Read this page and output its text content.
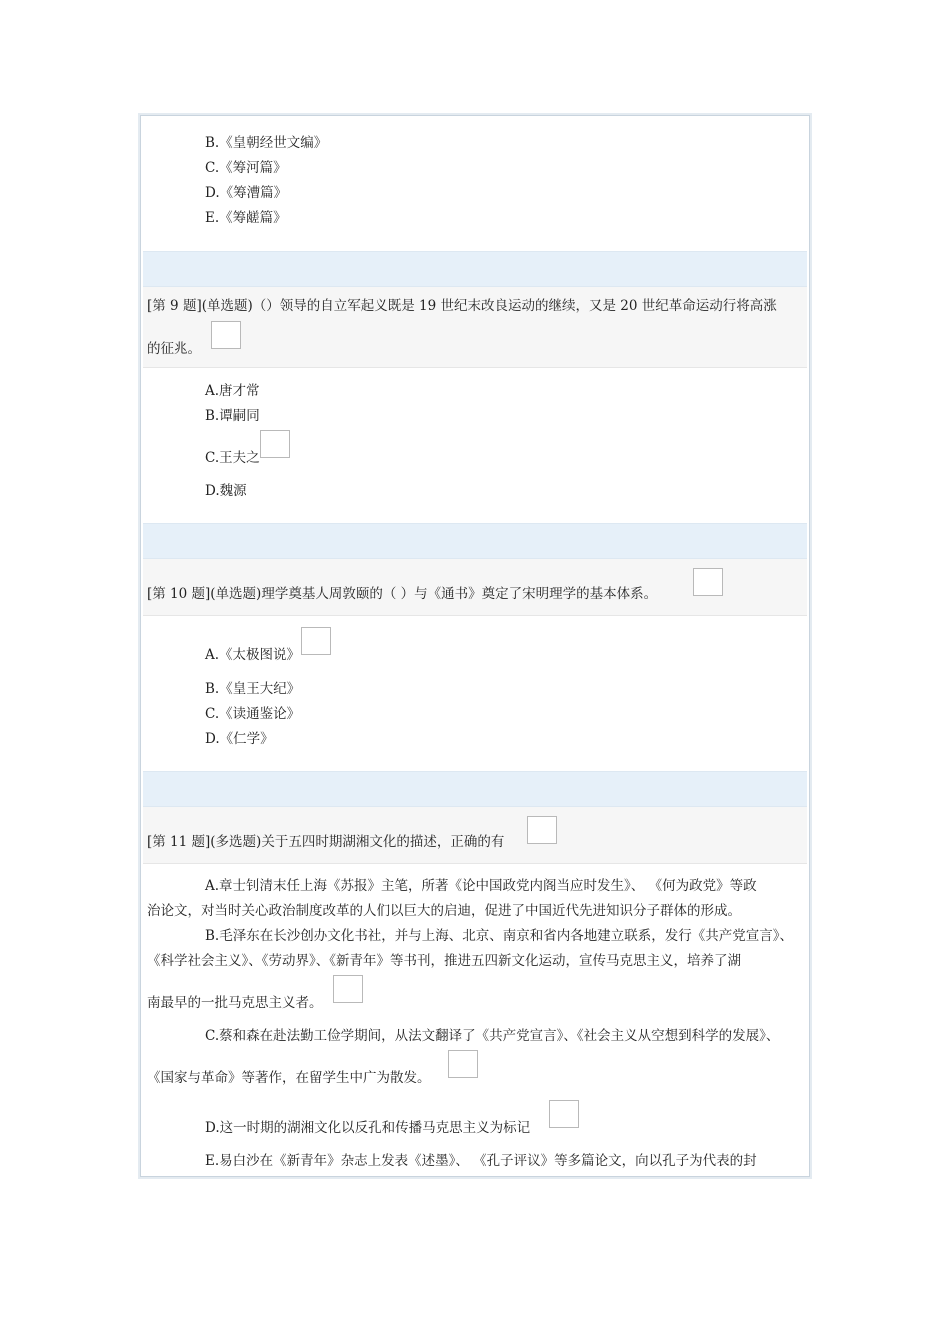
B.《皇朝经世文编》
C.《筹河篇》
D.《筹漕篇》
E.《筹鹾篇》
[第 9 题](单选题)（）领导的自立军起义既是 19 世纪末改良运动的继续，又是 20 世纪革命运动行将高涨
的征兆。
A.唐才常
B.谭嗣同
C.王夫之
D.魏源
[第 10 题](单选题)理学奠基人周敦颐的（ ）与《通书》奠定了宋明理学的基本体系。
A.《太极图说》
B.《皇王大纪》
C.《读通鉴论》
D.《仁学》
[第 11 题](多选题)关于五四时期湖湘文化的描述，正确的有
A.章士钊清末任上海《苏报》主笔，所著《论中国政党内阁当应时发生》、 《何为政党》等政
治论文，对当时关心政治制度改革的人们以巨大的启迪，促进了中国近代先进知识分子群体的形成。
B.毛泽东在长沙创办文化书社，并与上海、北京、南京和省内各地建立联系，发行《共产党宣言》、
《科学社会主义》、《劳动界》、《新青年》等书刊，推进五四新文化运动，宣传马克思主义，培养了湖
南最早的一批马克思主义者。
C.蔡和森在赴法勤工俭学期间，从法文翻译了《共产党宣言》、《社会主义从空想到科学的发展》、
《国家与革命》等著作，在留学生中广为散发。
D.这一时期的湖湘文化以反孔和传播马克思主义为标记
E.易白沙在《新青年》杂志上发表《述墨》、 《孔子评议》等多篇论文，向以孔子为代表的封
